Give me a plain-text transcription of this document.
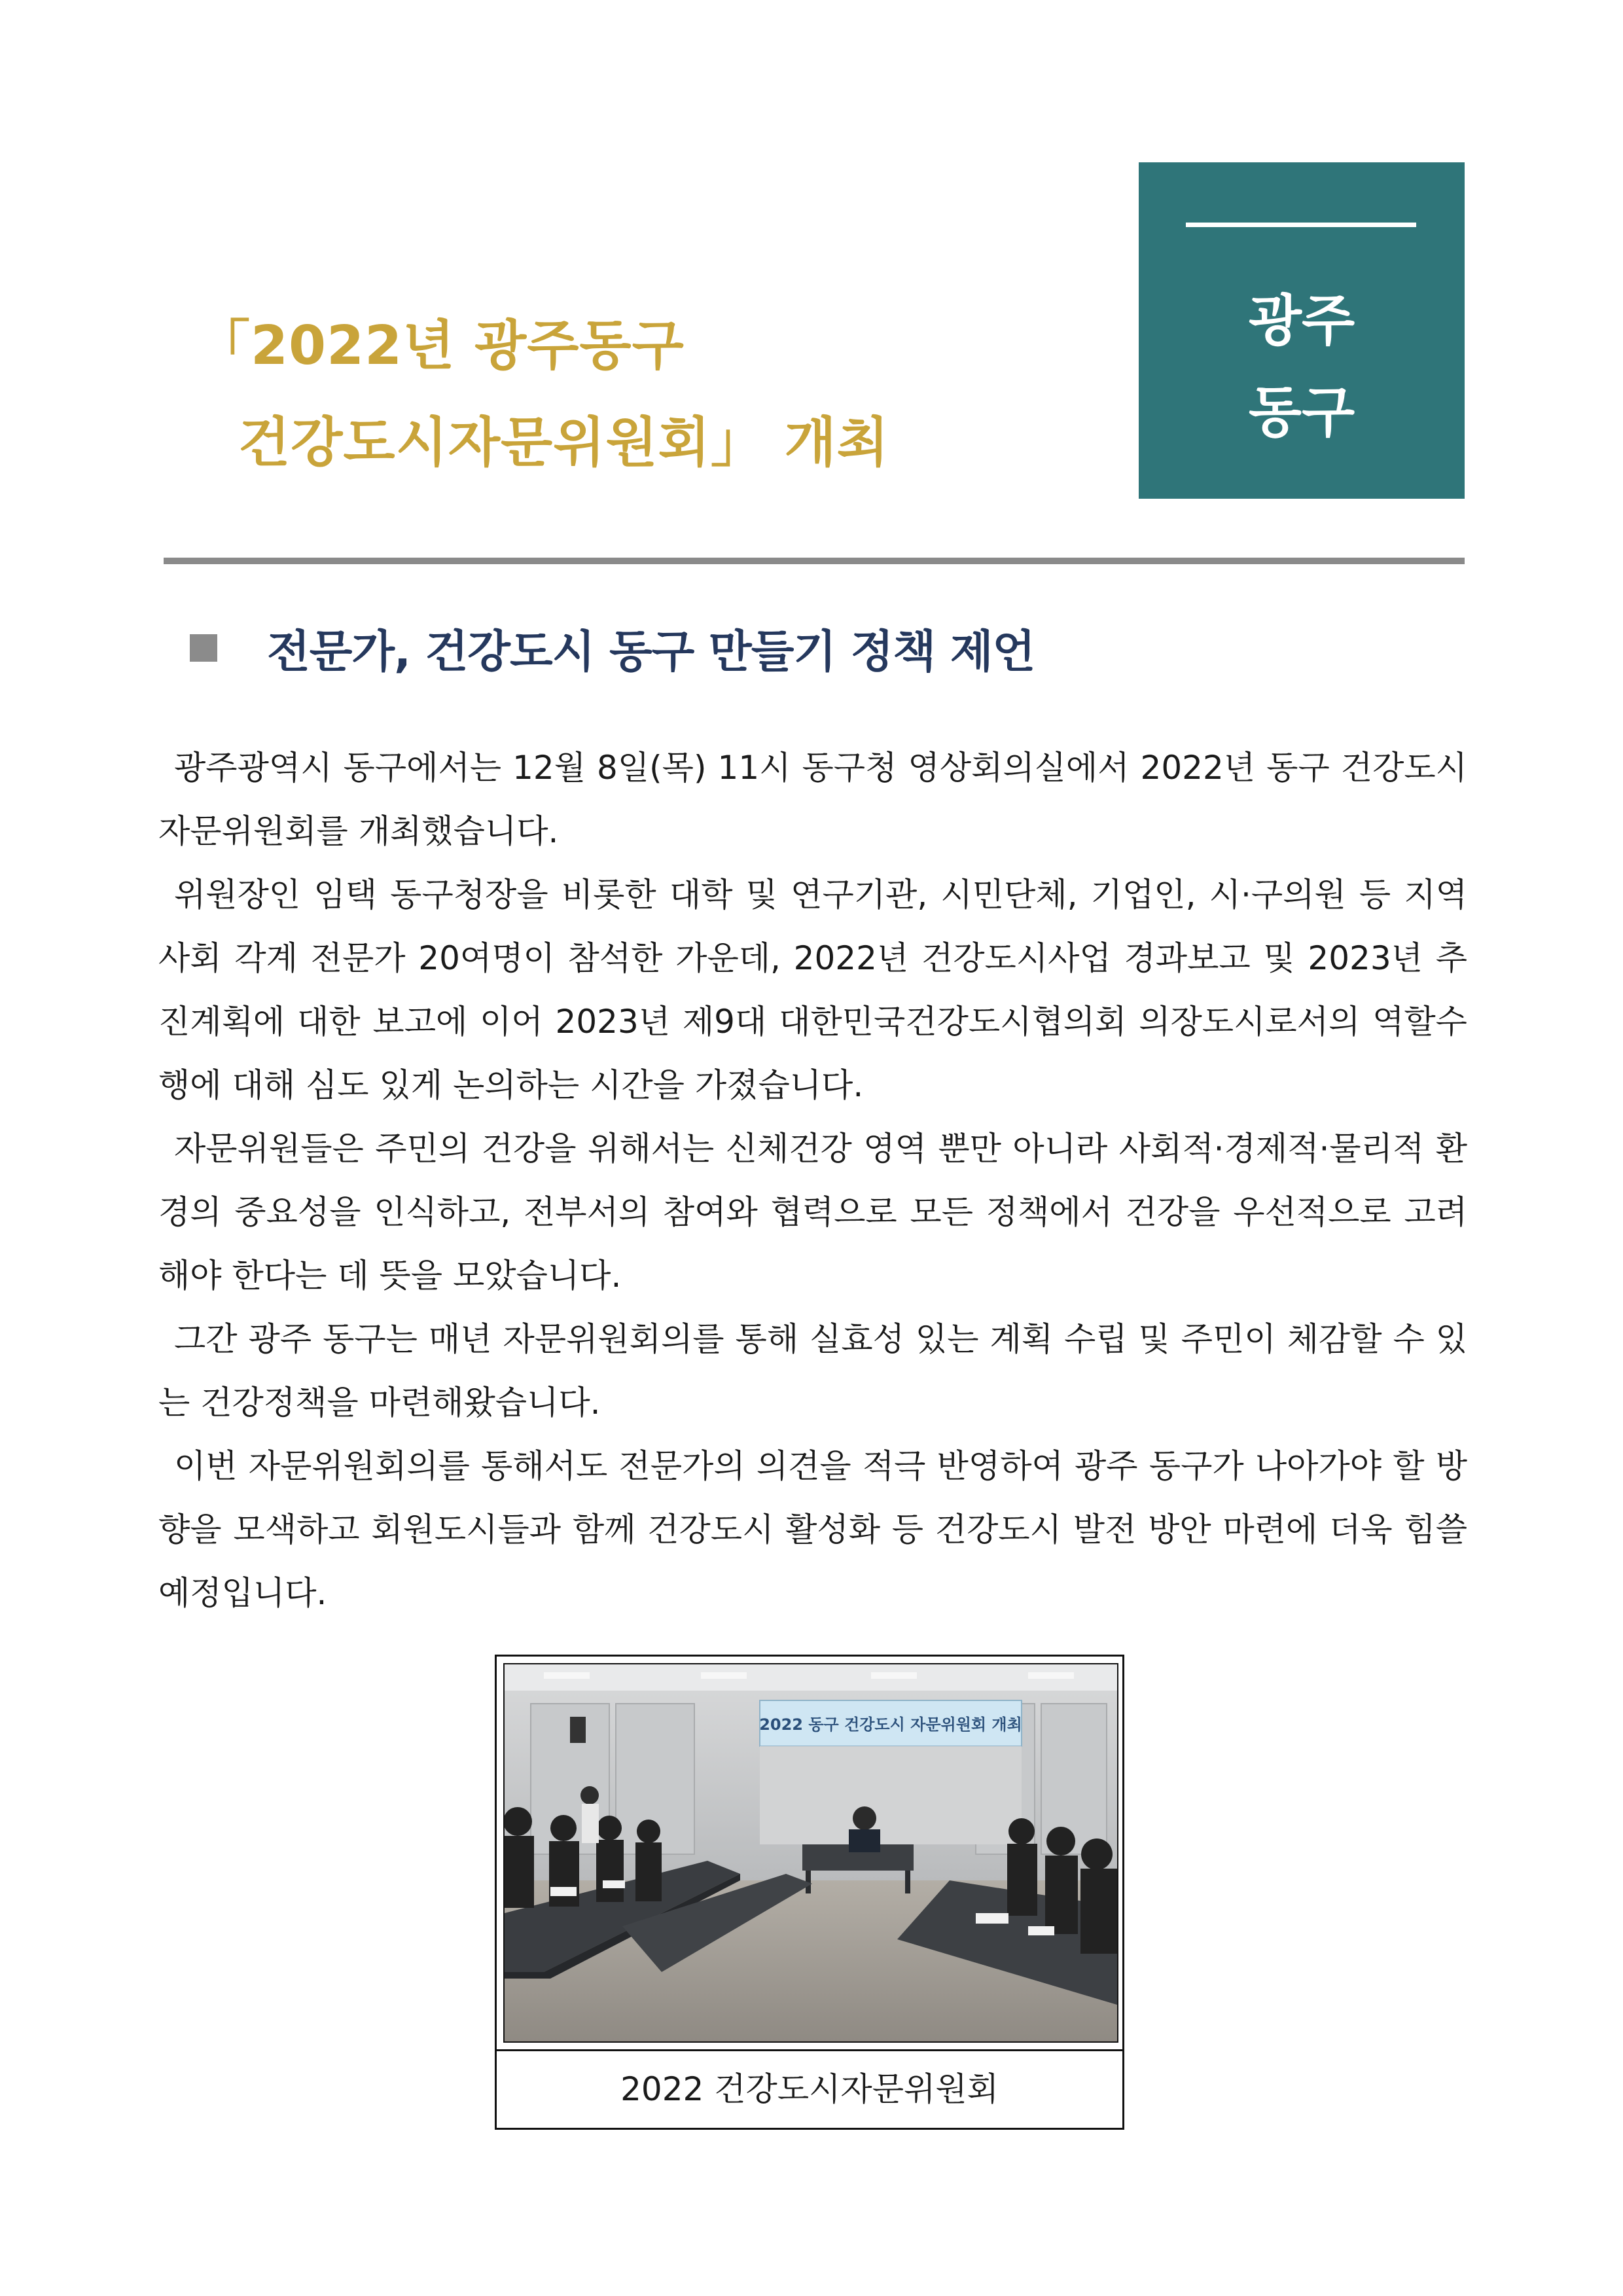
「2022년 광주동구
건강도시자문위원회」 개최
광주
동구
전문가, 건강도시 동구 만들기 정책 제언

광주광역시 동구에서는 12월 8일(목) 11시 동구청 영상회의실에서 2022년 동구 건강도시자문위원회를 개최했습니다.

위원장인 임택 동구청장을 비롯한 대학 및 연구기관, 시민단체, 기업인, 시·구의원 등 지역사회 각계 전문가 20여명이 참석한 가운데, 2022년 건강도시사업 경과보고 및 2023년 추진계획에 대한 보고에 이어 2023년 제9대 대한민국건강도시협의회 의장도시로서의 역할수행에 대해 심도 있게 논의하는 시간을 가졌습니다.

자문위원들은 주민의 건강을 위해서는 신체건강 영역 뿐만 아니라 사회적·경제적·물리적 환경의 중요성을 인식하고, 전부서의 참여와 협력으로 모든 정책에서 건강을 우선적으로 고려해야 한다는 데 뜻을 모았습니다.

그간 광주 동구는 매년 자문위원회의를 통해 실효성 있는 계획 수립 및 주민이 체감할 수 있는 건강정책을 마련해왔습니다.

이번 자문위원회의를 통해서도 전문가의 의견을 적극 반영하여 광주 동구가 나아가야 할 방향을 모색하고 회원도시들과 함께 건강도시 활성화 등 건강도시 발전 방안 마련에 더욱 힘쓸 예정입니다.

2022 동구 건강도시 자문위원회 개최
2022 건강도시자문위원회
